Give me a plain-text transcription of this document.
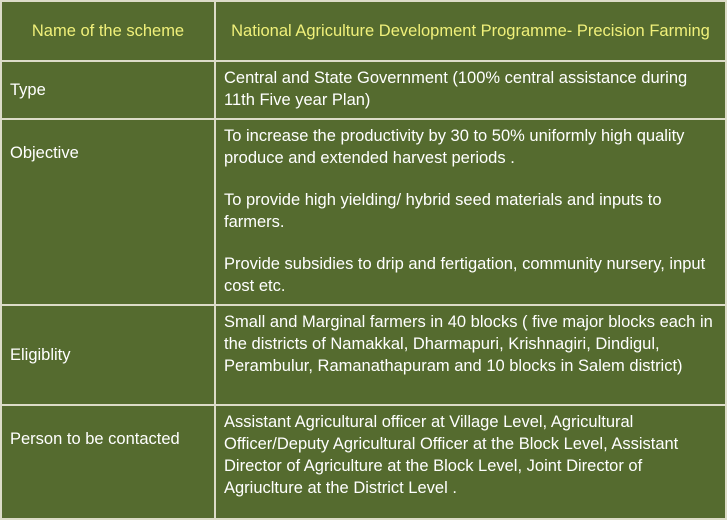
Name of the scheme	National Agriculture Development Programme- Precision Farming
Type	Central and State Government (100% central assistance during 11th Five year Plan)

Objective	To increase the productivity by 30 to 50% uniformly high quality produce and extended harvest periods .
To provide high yielding/ hybrid seed materials and inputs to farmers.
Provide subsidies to drip and fertigation, community nursery, input cost etc.

Eligiblity	Small and Marginal farmers in 40 blocks ( five major blocks each in the districts of Namakkal, Dharmapuri, Krishnagiri, Dindigul, Perambulur, Ramanathapuram and 10 blocks in Salem district)

Person to be contacted	Assistant Agricultural officer at Village Level, Agricultural Officer/Deputy Agricultural Officer at the Block Level, Assistant Director of Agriculture at the Block Level, Joint Director of Agriuclture at the District Level .
